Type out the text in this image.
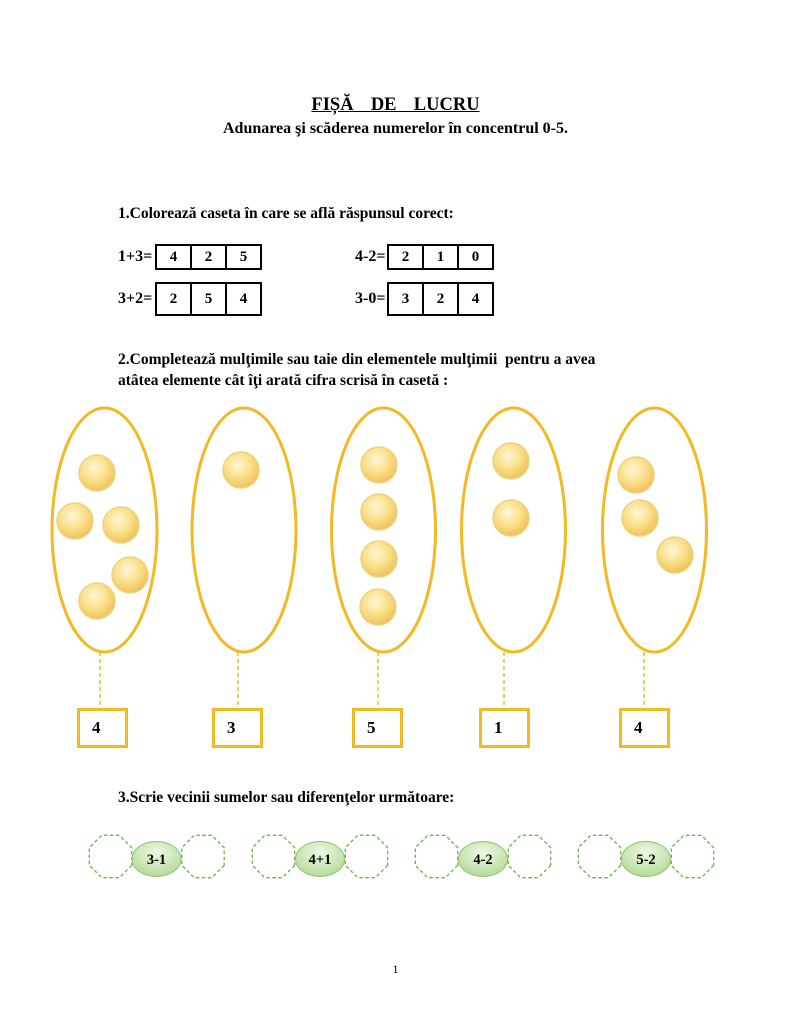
FIȘĂ  DE  LUCRU
Adunarea şi scăderea numerelor în concentrul 0-5.
1.Colorează caseta în care se află răspunsul corect:
1+3=	4	2	5	4-2=	2	1	0
3+2=	2	5	4	3-0=	3	2	4
2.Completează mulţimile sau taie din elementele mulţimii  pentru a avea
atâtea elemente cât îţi arată cifra scrisă în casetă :
3-1	4+1	4-2	5-2
4	3	5	1	4
3.Scrie vecinii sumelor sau diferenţelor următoare:
1
